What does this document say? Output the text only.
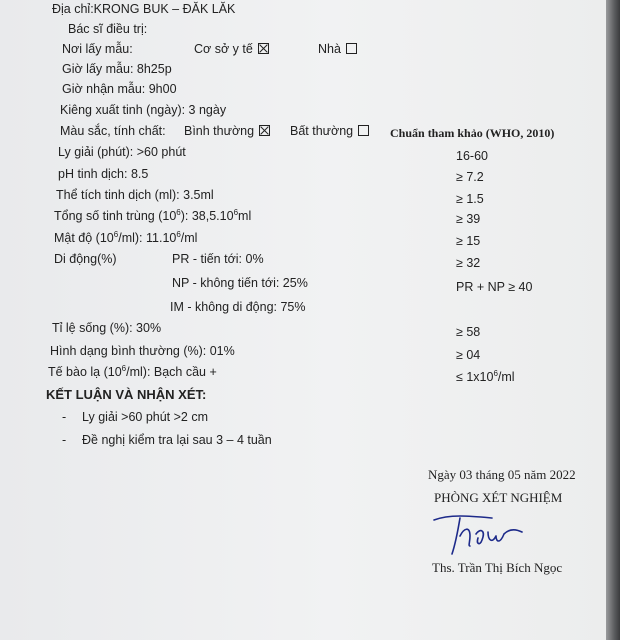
Địa chỉ:KRONG BUK – ĐĂK LĂK
Bác sĩ điều trị:
Nơi lấy mẫu:	Cơ sở y tế	Nhà
Giờ lấy mẫu: 8h25p
Giờ nhận mẫu: 9h00
Kiêng xuất tinh (ngày): 3 ngày
Màu sắc, tính chất: Bình thường	Bất thường	Chuẩn tham khảo (WHO, 2010)
Ly giải (phút): >60 phút	16-60
pH tinh dịch: 8.5	≥ 7.2
Thể tích tinh dịch (ml): 3.5ml	≥ 1.5
Tổng số tinh trùng $(10^6)$: $38,5.10^6ml$	≥ 39
Mật độ $(10^6/ml)$: $11.10^6/ml$	≥ 15
Di động(%)	PR - tiến tới: 0%	≥ 32
NP - không tiến tới: 25%	PR + NP ≥ 40
IM - không di động: 75%
Tỉ lệ sống (%): 30%	≥ 58
Hình dạng bình thường (%): 01%	≥ 04
Tế bào lạ $(10^6/ml)$: Bạch cầu +	≤ $1x10^6/ml$
KẾT LUẬN VÀ NHẬN XÉT:
- Ly giải >60 phút >2 cm
- Đề nghị kiểm tra lại sau 3 – 4 tuần
Ngày 03 tháng 05 năm 2022
PHÒNG XÉT NGHIỆM
Ths. Trần Thị Bích Ngọc
